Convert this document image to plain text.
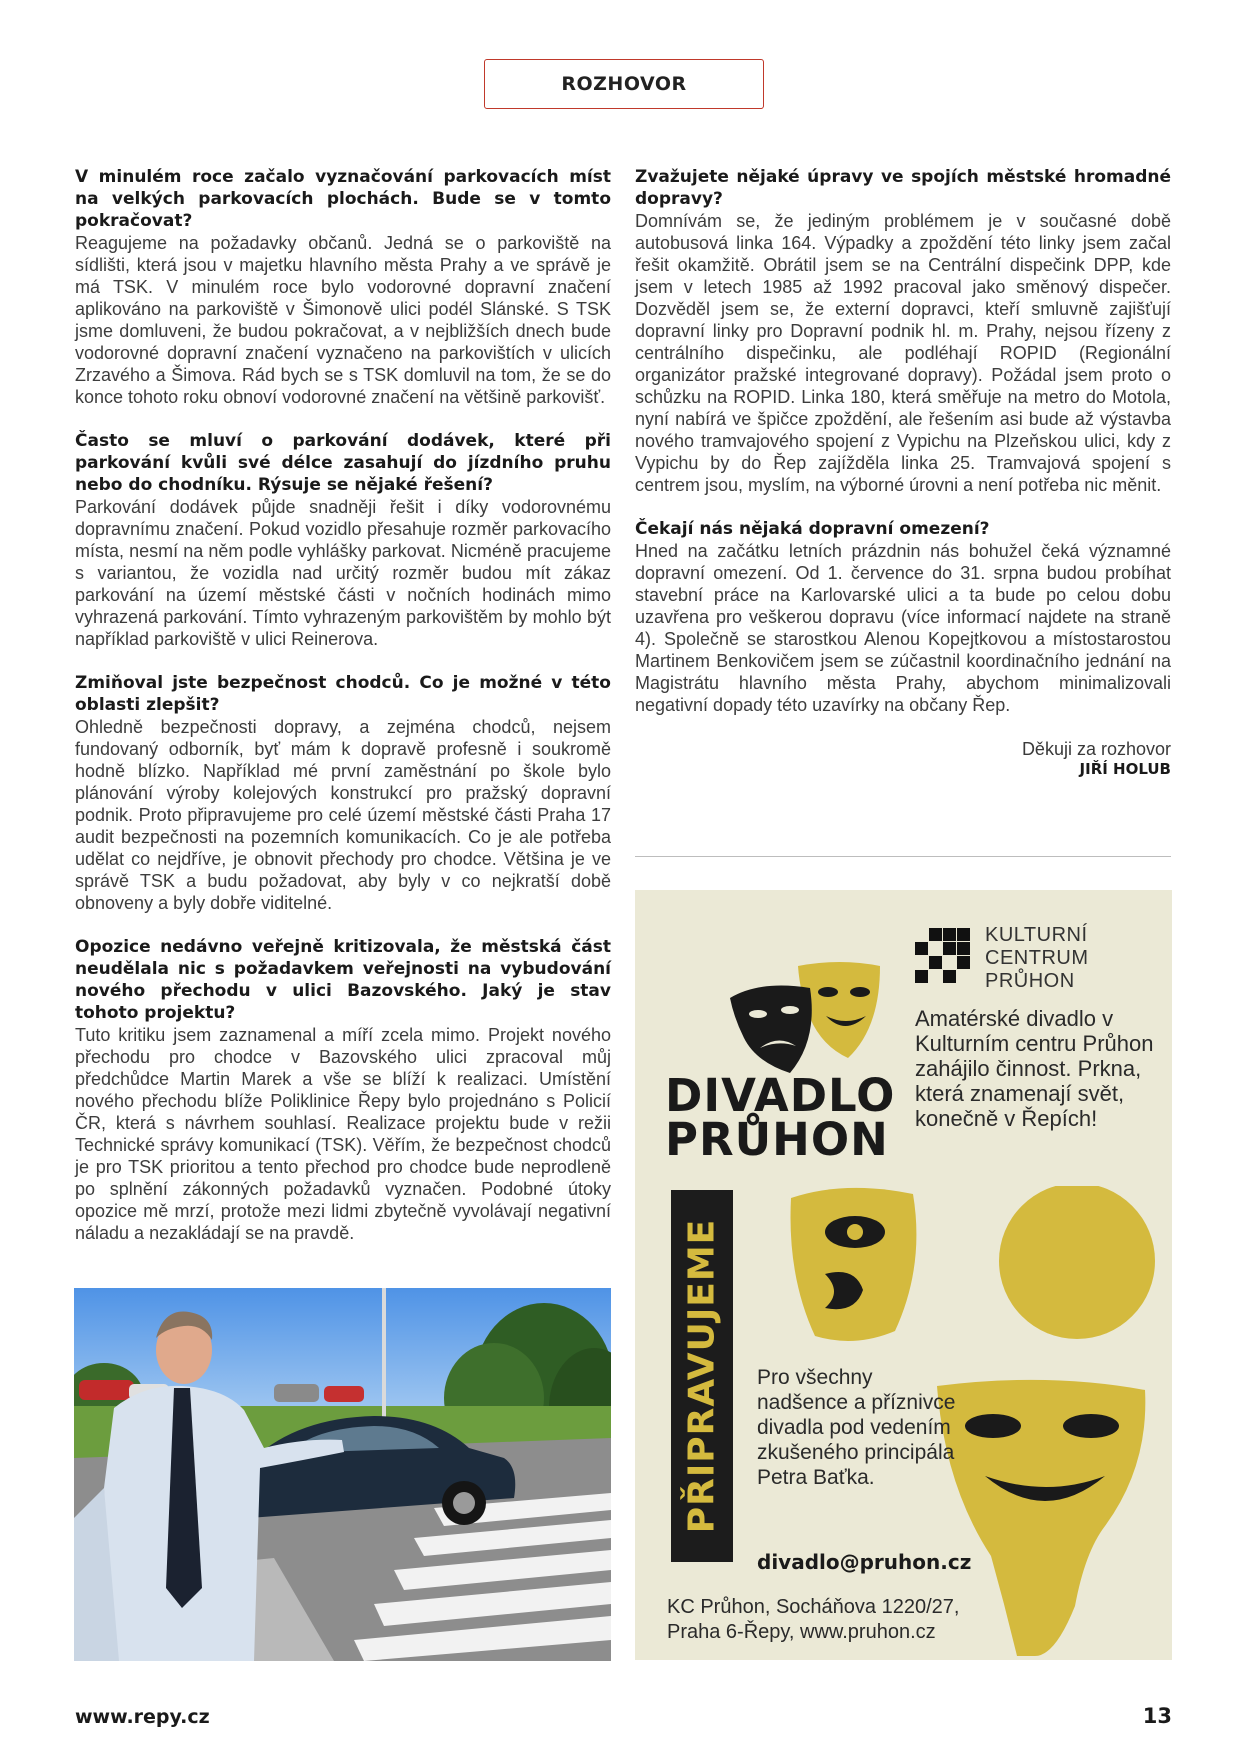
ROZHOVOR

V minulém roce začalo vyznačování parkovacích míst na velkých parkovacích plochách. Bude se v tomto pokračovat?

Reagujeme na požadavky občanů. Jedná se o parkoviště na sídlišti, která jsou v majetku hlavního města Prahy a ve správě je má TSK. V minulém roce bylo vodorovné dopravní značení aplikováno na parkoviště v Šimonově ulici podél Slánské. S TSK jsme domluveni, že budou pokračovat, a v nejbližších dnech bude vodorovné dopravní značení vyznačeno na parkovištích v ulicích Zrzavého a Šimova. Rád bych se s TSK domluvil na tom, že se do konce tohoto roku obnoví vodorovné značení na většině parkovišť.

Často se mluví o parkování dodávek, které při parkování kvůli své délce zasahují do jízdního pruhu nebo do chodníku. Rýsuje se nějaké řešení?

Parkování dodávek půjde snadněji řešit i díky vodorovnému dopravnímu značení. Pokud vozidlo přesahuje rozměr parkovacího místa, nesmí na něm podle vyhlášky parkovat. Nicméně pracujeme s variantou, že vozidla nad určitý rozměr budou mít zákaz parkování na území městské části v nočních hodinách mimo vyhrazená parkování. Tímto vyhrazeným parkovištěm by mohlo být například parkoviště v ulici Reinerova.

Zmiňoval jste bezpečnost chodců. Co je možné v této oblasti zlepšit?

Ohledně bezpečnosti dopravy, a zejména chodců, nejsem fundovaný odborník, byť mám k dopravě profesně i soukromě hodně blízko. Například mé první zaměstnání po škole bylo plánování výroby kolejových konstrukcí pro pražský dopravní podnik. Proto připravujeme pro celé území městské části Praha 17 audit bezpečnosti na pozemních komunikacích. Co je ale potřeba udělat co nejdříve, je obnovit přechody pro chodce. Většina je ve správě TSK a budu požadovat, aby byly v co nejkratší době obnoveny a byly dobře viditelné.

Opozice nedávno veřejně kritizovala, že městská část neudělala nic s požadavkem veřejnosti na vybudování nového přechodu v ulici Bazovského. Jaký je stav tohoto projektu?

Tuto kritiku jsem zaznamenal a míří zcela mimo. Projekt nového přechodu pro chodce v Bazovského ulici zpracoval můj předchůdce Martin Marek a vše se blíží k realizaci. Umístění nového přechodu blíže Poliklinice Řepy bylo projednáno s Policií ČR, která s návrhem souhlasí. Realizace projektu bude v režii Technické správy komunikací (TSK). Věřím, že bezpečnost chodců je pro TSK prioritou a tento přechod pro chodce bude neprodleně po splnění zákonných požadavků vyznačen. Podobné útoky opozice mě mrzí, protože mezi lidmi zbytečně vyvolávají negativní náladu a nezakládají se na pravdě.

Zvažujete nějaké úpravy ve spojích městské hromadné dopravy?

Domnívám se, že jediným problémem je v současné době autobusová linka 164. Výpadky a zpoždění této linky jsem začal řešit okamžitě. Obrátil jsem se na Centrální dispečink DPP, kde jsem v letech 1985 až 1992 pracoval jako směnový dispečer. Dozvěděl jsem se, že externí dopravci, kteří smluvně zajišťují dopravní linky pro Dopravní podnik hl. m. Prahy, nejsou řízeny z centrálního dispečinku, ale podléhají ROPID (Regionální organizátor pražské integrované dopravy). Požádal jsem proto o schůzku na ROPID. Linka 180, která směřuje na metro do Motola, nyní nabírá ve špičce zpoždění, ale řešením asi bude až výstavba nového tramvajového spojení z Vypichu na Plzeňskou ulici, kdy z Vypichu by do Řep zajížděla linka 25. Tramvajová spojení s centrem jsou, myslím, na výborné úrovni a není potřeba nic měnit.

Čekají nás nějaká dopravní omezení?

Hned na začátku letních prázdnin nás bohužel čeká významné dopravní omezení. Od 1. července do 31. srpna budou probíhat stavební práce na Karlovarské ulici a ta bude po celou dobu uzavřena pro veškerou dopravu (více informací najdete na straně 4). Společně se starostkou Alenou Kopejtkovou a místostarostou Martinem Benkovičem jsem se zúčastnil koordinačního jednání na Magistrátu hlavního města Prahy, abychom minimalizovali negativní dopady této uzavírky na občany Řep.

Děkuji za rozhovor

JIŘÍ HOLUB

KULTURNÍ
CENTRUM
PRŮHON
Amatérské divadlo v Kulturním centru Průhon zahájilo činnost. Prkna, která znamenají svět, konečně v Řepích!
DIVADLO
PRŮHON
PŘIPRAVUJEME Pro všechny nadšence a příznivce divadla pod vedením zkušeného principála Petra Baťka.
divadlo@pruhon.cz
KC Průhon, Socháňova 1220/27,
Praha 6-Řepy, www.pruhon.cz
www.repy.cz	13
